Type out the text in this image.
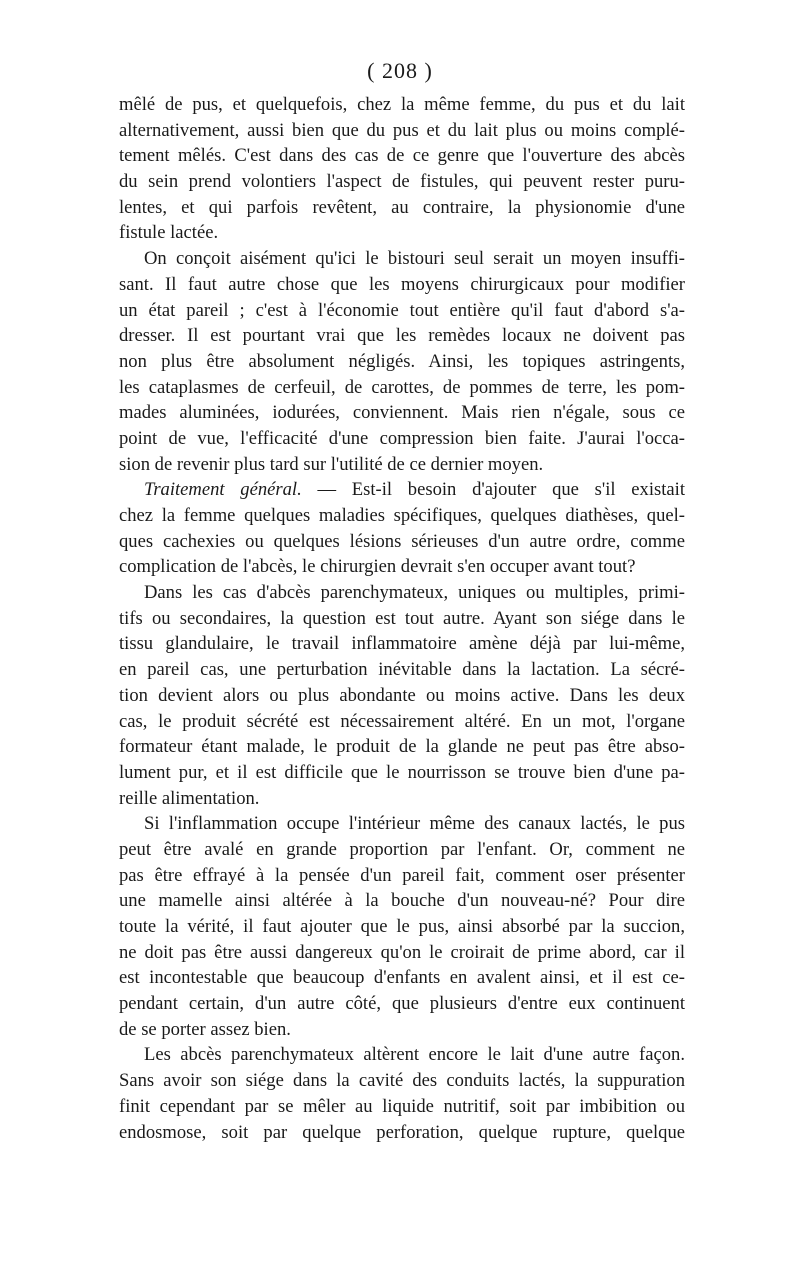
( 208 )
mêlé de pus, et quelquefois, chez la même femme, du pus et du lait
alternativement, aussi bien que du pus et du lait plus ou moins complé-
tement mêlés. C'est dans des cas de ce genre que l'ouverture des abcès
du sein prend volontiers l'aspect de fistules, qui peuvent rester puru-
lentes, et qui parfois revêtent, au contraire, la physionomie d'une
fistule lactée.
On conçoit aisément qu'ici le bistouri seul serait un moyen insuffi-
sant. Il faut autre chose que les moyens chirurgicaux pour modifier
un état pareil ; c'est à l'économie tout entière qu'il faut d'abord s'a-
dresser. Il est pourtant vrai que les remèdes locaux ne doivent pas
non plus être absolument négligés. Ainsi, les topiques astringents,
les cataplasmes de cerfeuil, de carottes, de pommes de terre, les pom-
mades aluminées, iodurées, conviennent. Mais rien n'égale, sous ce
point de vue, l'efficacité d'une compression bien faite. J'aurai l'occa-
sion de revenir plus tard sur l'utilité de ce dernier moyen.
Traitement général. — Est-il besoin d'ajouter que s'il existait
chez la femme quelques maladies spécifiques, quelques diathèses, quel-
ques cachexies ou quelques lésions sérieuses d'un autre ordre, comme
complication de l'abcès, le chirurgien devrait s'en occuper avant tout?
Dans les cas d'abcès parenchymateux, uniques ou multiples, primi-
tifs ou secondaires, la question est tout autre. Ayant son siége dans le
tissu glandulaire, le travail inflammatoire amène déjà par lui-même,
en pareil cas, une perturbation inévitable dans la lactation. La sécré-
tion devient alors ou plus abondante ou moins active. Dans les deux
cas, le produit sécrété est nécessairement altéré. En un mot, l'organe
formateur étant malade, le produit de la glande ne peut pas être abso-
lument pur, et il est difficile que le nourrisson se trouve bien d'une pa-
reille alimentation.
Si l'inflammation occupe l'intérieur même des canaux lactés, le pus
peut être avalé en grande proportion par l'enfant. Or, comment ne
pas être effrayé à la pensée d'un pareil fait, comment oser présenter
une mamelle ainsi altérée à la bouche d'un nouveau-né? Pour dire
toute la vérité, il faut ajouter que le pus, ainsi absorbé par la succion,
ne doit pas être aussi dangereux qu'on le croirait de prime abord, car il
est incontestable que beaucoup d'enfants en avalent ainsi, et il est ce-
pendant certain, d'un autre côté, que plusieurs d'entre eux continuent
de se porter assez bien.
Les abcès parenchymateux altèrent encore le lait d'une autre façon.
Sans avoir son siége dans la cavité des conduits lactés, la suppuration
finit cependant par se mêler au liquide nutritif, soit par imbibition ou
endosmose, soit par quelque perforation, quelque rupture, quelque
